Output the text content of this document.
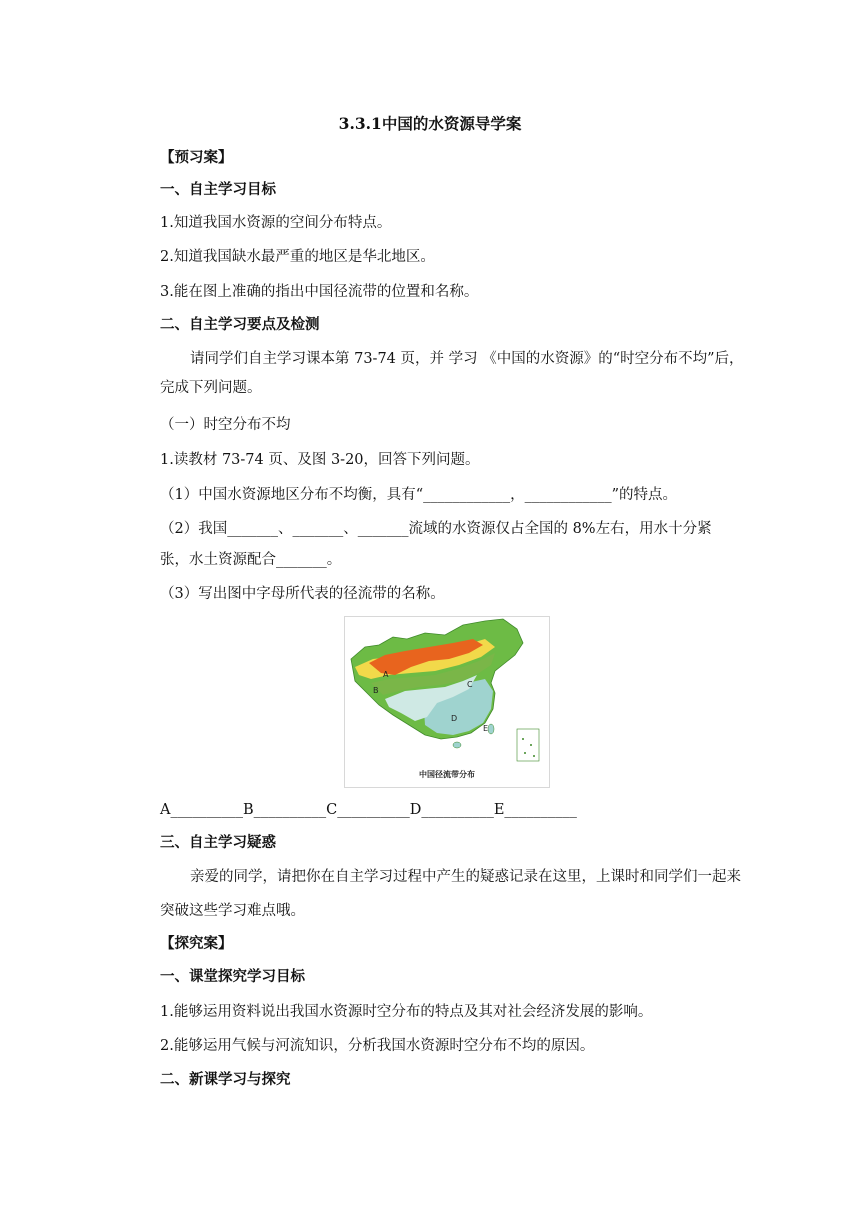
3.3.1中国的水资源导学案
【预习案】
一、自主学习目标
1.知道我国水资源的空间分布特点。
2.知道我国缺水最严重的地区是华北地区。
3.能在图上准确的指出中国径流带的位置和名称。
二、自主学习要点及检测
请同学们自主学习课本第 73-74 页，并 学习 《中国的水资源》的“时空分布不均”后，
完成下列问题。
（一）时空分布不均
1.读教材 73-74 页、及图 3-20，回答下列问题。
（1）中国水资源地区分布不均衡，具有“____________，____________”的特点。
（2）我国_______、_______、_______流域的水资源仅占全国的 8%左右，用水十分紧
张，水土资源配合_______。
（3）写出图中字母所代表的径流带的名称。
A
B
C
D
E
中国径流带分布
A__________B__________C__________D__________E__________
三、自主学习疑惑
亲爱的同学，请把你在自主学习过程中产生的疑惑记录在这里，上课时和同学们一起来
突破这些学习难点哦。
【探究案】
一、课堂探究学习目标
1.能够运用资料说出我国水资源时空分布的特点及其对社会经济发展的影响。
2.能够运用气候与河流知识，分析我国水资源时空分布不均的原因。
二、新课学习与探究
